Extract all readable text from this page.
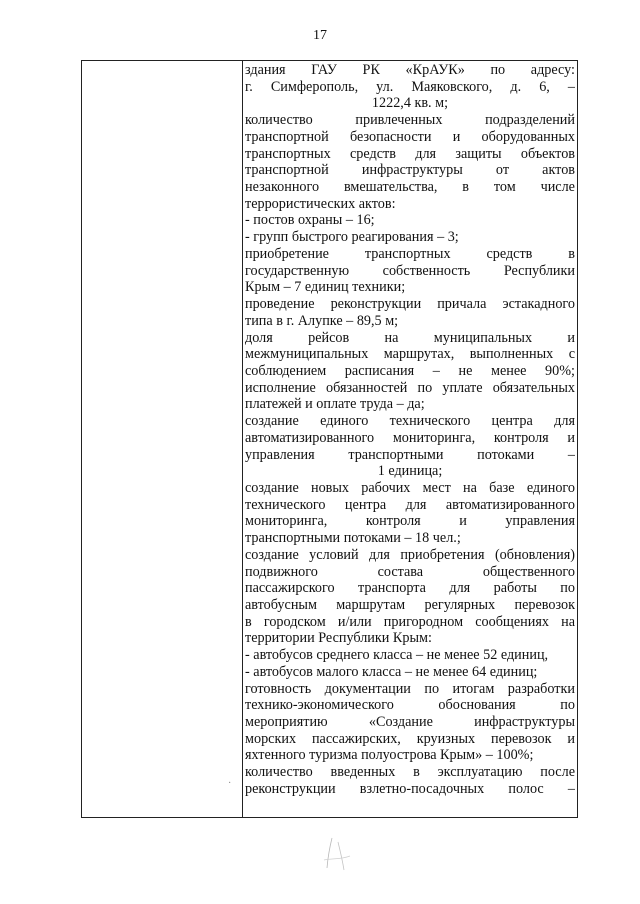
17
здания ГАУ РК «КрАУК» по адресу:
г. Симферополь, ул. Маяковского, д. 6, –
1222,4 кв. м;
количество привлеченных подразделений
транспортной безопасности и оборудованных
транспортных средств для защиты объектов
транспортной инфраструктуры от актов
незаконного вмешательства, в том числе
террористических актов:
- постов охраны – 16;
- групп быстрого реагирования – 3;
приобретение транспортных средств в
государственную собственность Республики
Крым – 7 единиц техники;
проведение реконструкции причала эстакадного
типа в г. Алупке – 89,5 м;
доля рейсов на муниципальных и
межмуниципальных маршрутах, выполненных с
соблюдением расписания – не менее 90%;
исполнение обязанностей по уплате обязательных
платежей и оплате труда – да;
создание единого технического центра для
автоматизированного мониторинга, контроля и
управления транспортными потоками –
1 единица;
создание новых рабочих мест на базе единого
технического центра для автоматизированного
мониторинга, контроля и управления
транспортными потоками – 18 чел.;
создание условий для приобретения (обновления)
подвижного состава общественного
пассажирского транспорта для работы по
автобусным маршрутам регулярных перевозок
в городском и/или пригородном сообщениях на
территории Республики Крым:
- автобусов среднего класса – не менее 52 единиц,
- автобусов малого класса – не менее 64 единиц;
готовность документации по итогам разработки
технико-экономического обоснования по
мероприятию «Создание инфраструктуры
морских пассажирских, круизных перевозок и
яхтенного туризма полуострова Крым» – 100%;
количество введенных в эксплуатацию после
реконструкции взлетно-посадочных полос –
·
